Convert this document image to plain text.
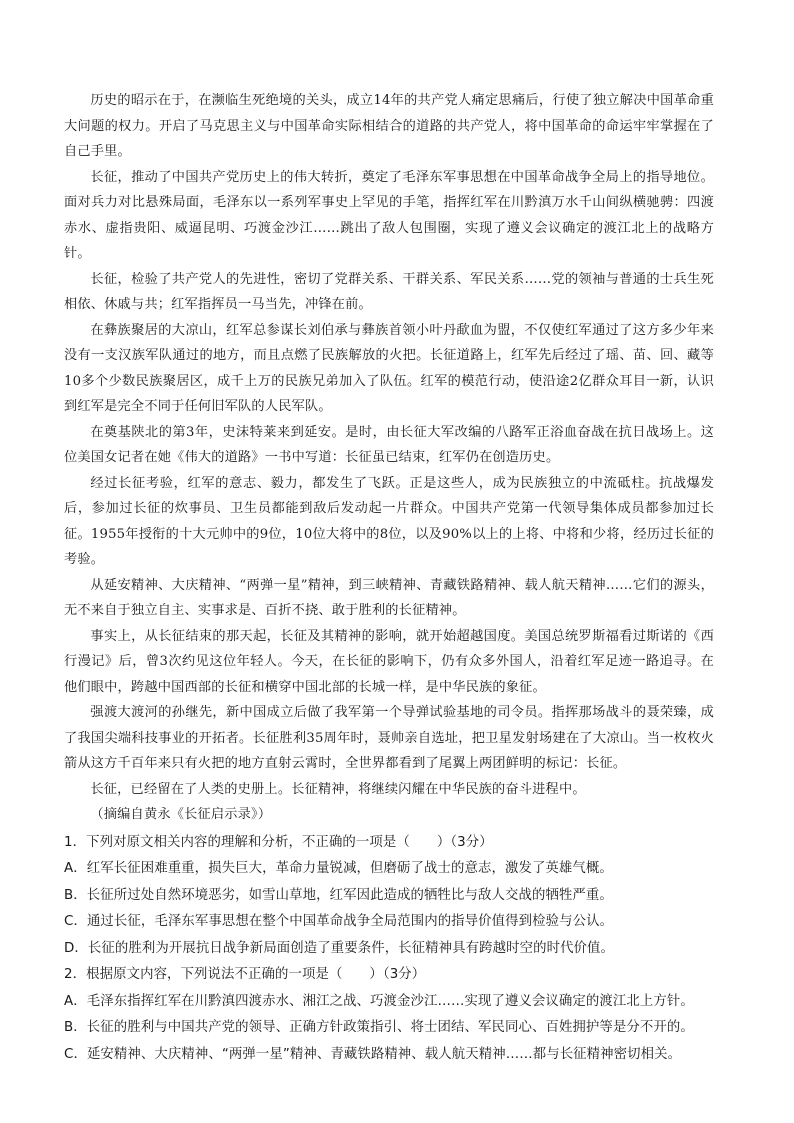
历史的昭示在于，在濒临生死绝境的关头，成立14年的共产党人痛定思痛后，行使了独立解决中国革命重大问题的权力。开启了马克思主义与中国革命实际相结合的道路的共产党人，将中国革命的命运牢牢掌握在了自己手里。

长征，推动了中国共产党历史上的伟大转折，奠定了毛泽东军事思想在中国革命战争全局上的指导地位。面对兵力对比悬殊局面，毛泽东以一系列军事史上罕见的手笔，指挥红军在川黔滇万水千山间纵横驰骋：四渡赤水、虚指贵阳、威逼昆明、巧渡金沙江……跳出了敌人包围圈，实现了遵义会议确定的渡江北上的战略方针。

长征，检验了共产党人的先进性，密切了党群关系、干群关系、军民关系……党的领袖与普通的士兵生死相依、休戚与共；红军指挥员一马当先，冲锋在前。

在彝族聚居的大凉山，红军总参谋长刘伯承与彝族首领小叶丹歃血为盟，不仅使红军通过了这方多少年来没有一支汉族军队通过的地方，而且点燃了民族解放的火把。长征道路上，红军先后经过了瑶、苗、回、藏等10多个少数民族聚居区，成千上万的民族兄弟加入了队伍。红军的模范行动，使沿途2亿群众耳目一新，认识到红军是完全不同于任何旧军队的人民军队。

在奠基陕北的第3年，史沫特莱来到延安。是时，由长征大军改编的八路军正浴血奋战在抗日战场上。这位美国女记者在她《伟大的道路》一书中写道：长征虽已结束，红军仍在创造历史。

经过长征考验，红军的意志、毅力，都发生了飞跃。正是这些人，成为民族独立的中流砥柱。抗战爆发后，参加过长征的炊事员、卫生员都能到敌后发动起一片群众。中国共产党第一代领导集体成员都参加过长征。1955年授衔的十大元帅中的9位，10位大将中的8位，以及90%以上的上将、中将和少将，经历过长征的考验。

从延安精神、大庆精神、“两弹一星”精神，到三峡精神、青藏铁路精神、载人航天精神……它们的源头，无不来自于独立自主、实事求是、百折不挠、敢于胜利的长征精神。

事实上，从长征结束的那天起，长征及其精神的影响，就开始超越国度。美国总统罗斯福看过斯诺的《西行漫记》后，曾3次约见这位年轻人。今天，在长征的影响下，仍有众多外国人，沿着红军足迹一路追寻。在他们眼中，跨越中国西部的长征和横穿中国北部的长城一样，是中华民族的象征。

强渡大渡河的孙继先，新中国成立后做了我军第一个导弹试验基地的司令员。指挥那场战斗的聂荣臻，成了我国尖端科技事业的开拓者。长征胜利35周年时，聂帅亲自选址，把卫星发射场建在了大凉山。当一枚枚火箭从这方千百年来只有火把的地方直射云霄时，全世界都看到了尾翼上两团鲜明的标记：长征。

长征，已经留在了人类的史册上。长征精神，将继续闪耀在中华民族的奋斗进程中。

（摘编自黄永《长征启示录》）

1．下列对原文相关内容的理解和分析，不正确的一项是（　　）（3分）

A．红军长征困难重重，损失巨大，革命力量锐减，但磨砺了战士的意志，激发了英雄气概。

B．长征所过处自然环境恶劣，如雪山草地，红军因此造成的牺牲比与敌人交战的牺牲严重。

C．通过长征，毛泽东军事思想在整个中国革命战争全局范围内的指导价值得到检验与公认。

D．长征的胜利为开展抗日战争新局面创造了重要条件，长征精神具有跨越时空的时代价值。

2．根据原文内容，下列说法不正确的一项是（　　）（3分）

A．毛泽东指挥红军在川黔滇四渡赤水、湘江之战、巧渡金沙江……实现了遵义会议确定的渡江北上方针。

B．长征的胜利与中国共产党的领导、正确方针政策指引、将士团结、军民同心、百姓拥护等是分不开的。

C．延安精神、大庆精神、“两弹一星”精神、青藏铁路精神、载人航天精神……都与长征精神密切相关。
